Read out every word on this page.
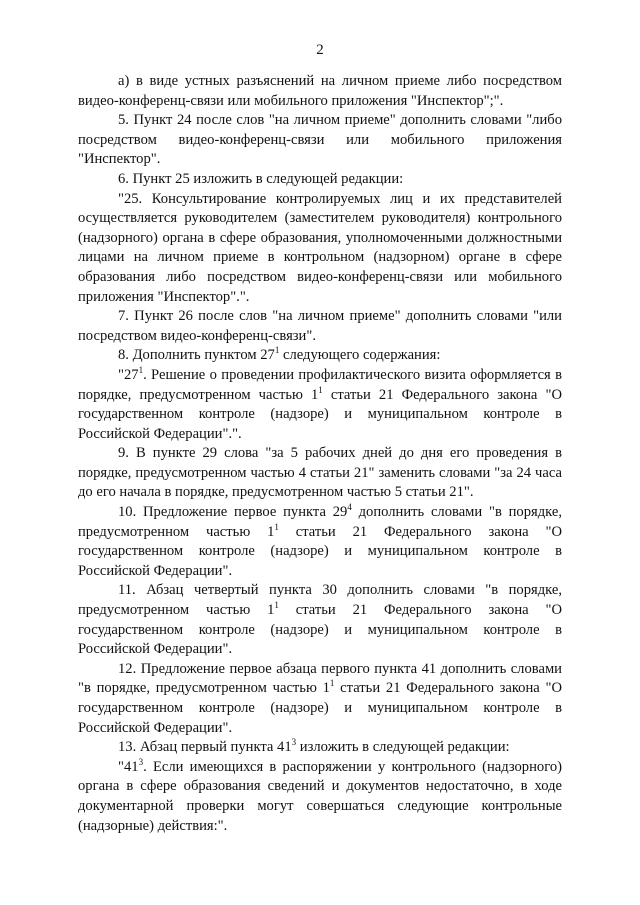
2

а) в виде устных разъяснений на личном приеме либо посредством видео-конференц-связи или мобильного приложения "Инспектор";".

5. Пункт 24 после слов "на личном приеме" дополнить словами "либо посредством видео-конференц-связи или мобильного приложения "Инспектор".

6. Пункт 25 изложить в следующей редакции:

"25. Консультирование контролируемых лиц и их представителей осуществляется руководителем (заместителем руководителя) контрольного (надзорного) органа в сфере образования, уполномоченными должностными лицами на личном приеме в контрольном (надзорном) органе в сфере образования либо посредством видео-конференц-связи или мобильного приложения "Инспектор".".

7. Пункт 26 после слов "на личном приеме" дополнить словами "или посредством видео-конференц-связи".

8. Дополнить пунктом $27^1$ следующего содержания:

"$27^1$. Решение о проведении профилактического визита оформляется в порядке, предусмотренном частью $1^1$ статьи 21 Федерального закона "О государственном контроле (надзоре) и муниципальном контроле в Российской Федерации".".

9. В пункте 29 слова "за 5 рабочих дней до дня его проведения в порядке, предусмотренном частью 4 статьи 21" заменить словами "за 24 часа до его начала в порядке, предусмотренном частью 5 статьи 21".

10. Предложение первое пункта $29^4$ дополнить словами "в порядке, предусмотренном частью $1^1$ статьи 21 Федерального закона "О государственном контроле (надзоре) и муниципальном контроле в Российской Федерации".

11. Абзац четвертый пункта 30 дополнить словами "в порядке, предусмотренном частью $1^1$ статьи 21 Федерального закона "О государственном контроле (надзоре) и муниципальном контроле в Российской Федерации".

12. Предложение первое абзаца первого пункта 41 дополнить словами "в порядке, предусмотренном частью $1^1$ статьи 21 Федерального закона "О государственном контроле (надзоре) и муниципальном контроле в Российской Федерации".

13. Абзац первый пункта $41^3$ изложить в следующей редакции:

"$41^3$. Если имеющихся в распоряжении у контрольного (надзорного) органа в сфере образования сведений и документов недостаточно, в ходе документарной проверки могут совершаться следующие контрольные (надзорные) действия:".
